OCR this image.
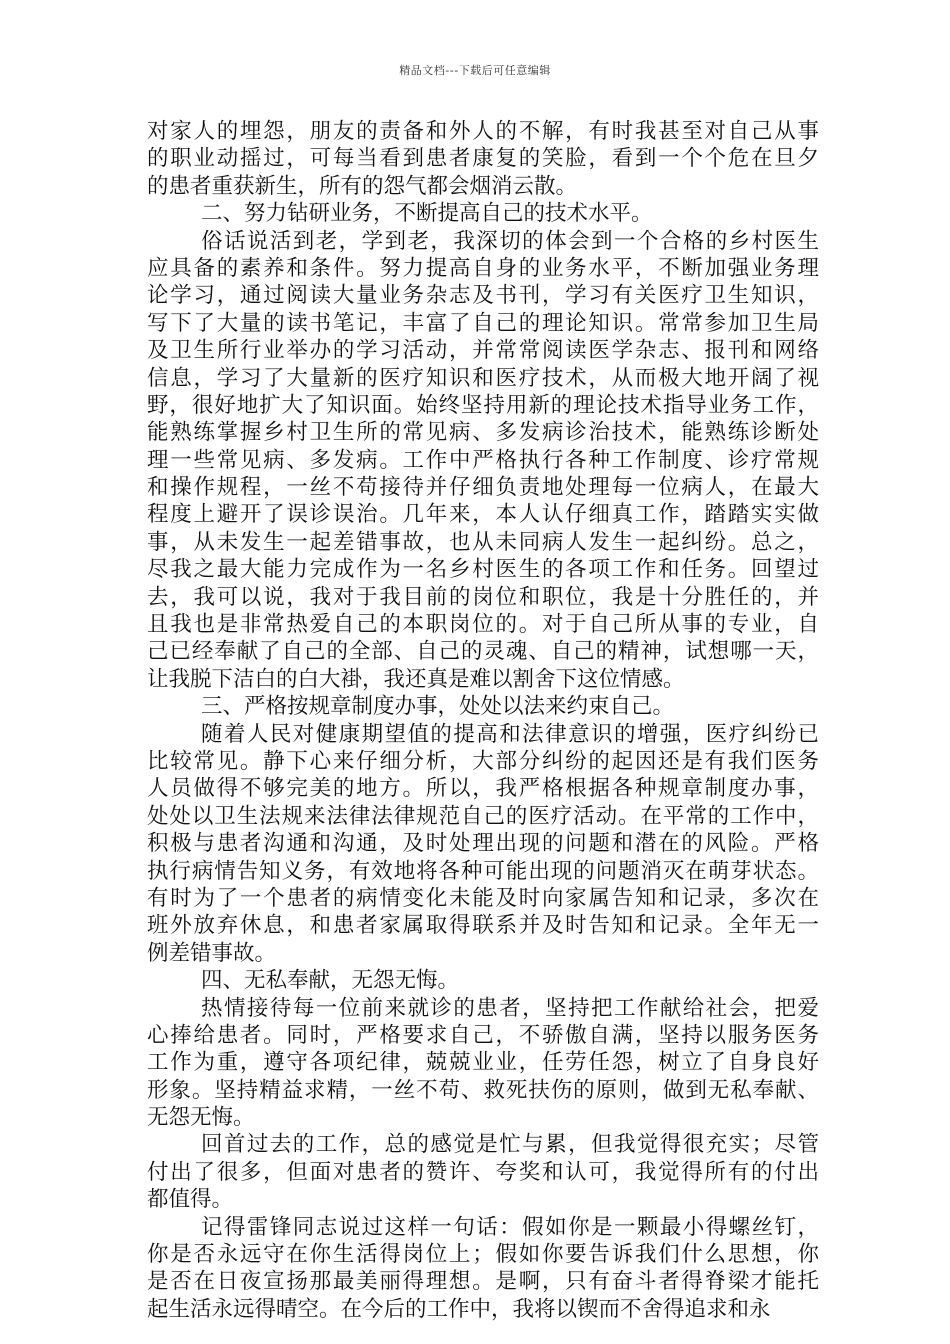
精品文档---下载后可任意编辑
对家人的埋怨，朋友的责备和外人的不解，有时我甚至对自己从事
的职业动摇过，可每当看到患者康复的笑脸，看到一个个危在旦夕
的患者重获新生，所有的怨气都会烟消云散。
二、努力钻研业务，不断提高自己的技术水平。
俗话说活到老，学到老，我深切的体会到一个合格的乡村医生
应具备的素养和条件。努力提高自身的业务水平，不断加强业务理
论学习，通过阅读大量业务杂志及书刊，学习有关医疗卫生知识，
写下了大量的读书笔记，丰富了自己的理论知识。常常参加卫生局
及卫生所行业举办的学习活动，并常常阅读医学杂志、报刊和网络
信息，学习了大量新的医疗知识和医疗技术，从而极大地开阔了视
野，很好地扩大了知识面。始终坚持用新的理论技术指导业务工作，
能熟练掌握乡村卫生所的常见病、多发病诊治技术，能熟练诊断处
理一些常见病、多发病。工作中严格执行各种工作制度、诊疗常规
和操作规程，一丝不苟接待并仔细负责地处理每一位病人，在最大
程度上避开了误诊误治。几年来，本人认仔细真工作，踏踏实实做
事，从未发生一起差错事故，也从未同病人发生一起纠纷。总之，
尽我之最大能力完成作为一名乡村医生的各项工作和任务。回望过
去，我可以说，我对于我目前的岗位和职位，我是十分胜任的，并
且我也是非常热爱自己的本职岗位的。对于自己所从事的专业，自
己已经奉献了自己的全部、自己的灵魂、自己的精神，试想哪一天，
让我脱下洁白的白大褂，我还真是难以割舍下这位情感。
三、严格按规章制度办事，处处以法来约束自己。
随着人民对健康期望值的提高和法律意识的增强，医疗纠纷已
比较常见。静下心来仔细分析，大部分纠纷的起因还是有我们医务
人员做得不够完美的地方。所以，我严格根据各种规章制度办事，
处处以卫生法规来法律法律规范自己的医疗活动。在平常的工作中，
积极与患者沟通和沟通，及时处理出现的问题和潜在的风险。严格
执行病情告知义务，有效地将各种可能出现的问题消灭在萌芽状态。
有时为了一个患者的病情变化未能及时向家属告知和记录，多次在
班外放弃休息，和患者家属取得联系并及时告知和记录。全年无一
例差错事故。
四、无私奉献，无怨无悔。
热情接待每一位前来就诊的患者，坚持把工作献给社会，把爱
心捧给患者。同时，严格要求自己，不骄傲自满，坚持以服务医务
工作为重，遵守各项纪律，兢兢业业，任劳任怨，树立了自身良好
形象。坚持精益求精，一丝不苟、救死扶伤的原则，做到无私奉献、
无怨无悔。
回首过去的工作，总的感觉是忙与累，但我觉得很充实；尽管
付出了很多，但面对患者的赞许、夸奖和认可，我觉得所有的付出
都值得。
记得雷锋同志说过这样一句话：假如你是一颗最小得螺丝钉，
你是否永远守在你生活得岗位上；假如你要告诉我们什么思想，你
是否在日夜宣扬那最美丽得理想。是啊，只有奋斗者得脊梁才能托
起生活永远得晴空。在今后的工作中，我将以锲而不舍得追求和永
